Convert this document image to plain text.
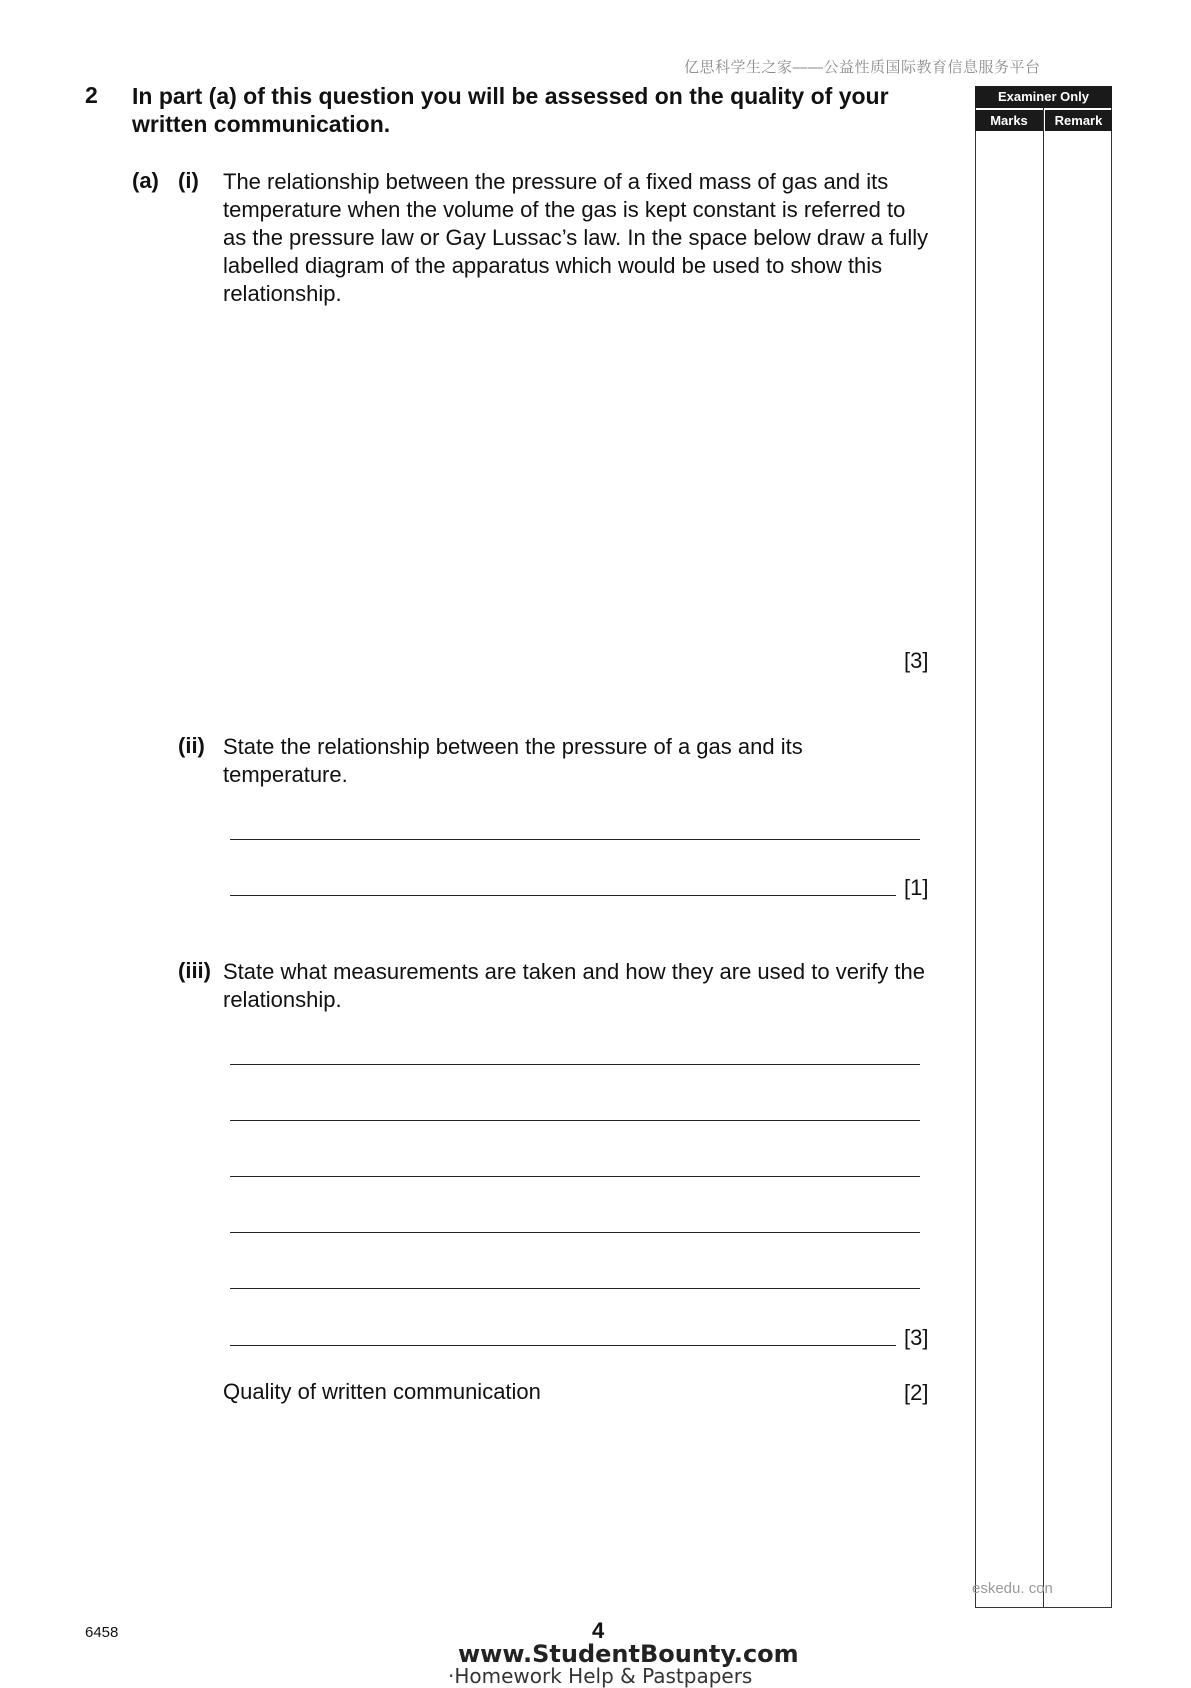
亿思科学生之家——公益性质国际教育信息服务平台
2 In part (a) of this question you will be assessed on the quality of your written communication.
(a) (i) The relationship between the pressure of a fixed mass of gas and its temperature when the volume of the gas is kept constant is referred to as the pressure law or Gay Lussac’s law. In the space below draw a fully labelled diagram of the apparatus which would be used to show this relationship.
[3]
(ii) State the relationship between the pressure of a gas and its temperature.
[1]
(iii) State what measurements are taken and how they are used to verify the relationship.
[3]
Quality of written communication	[2]
Examiner Only
Marks	Remark
eskedu. con
6458	4
www.StudentBounty.com
·Homework Help & Pastpapers
